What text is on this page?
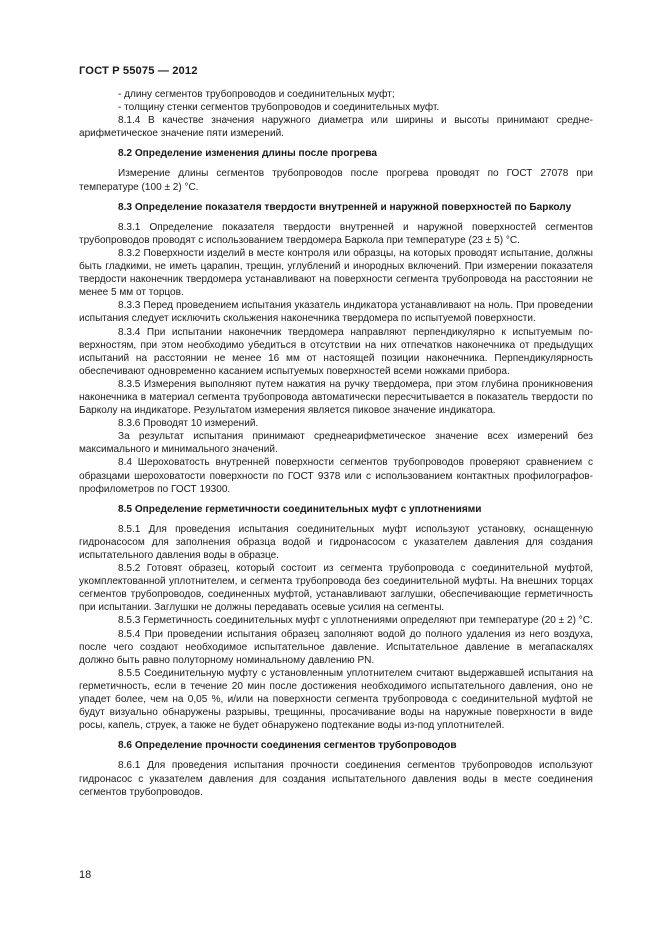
ГОСТ Р 55075 — 2012

- длину сегментов трубопроводов и соединительных муфт;

- толщину стенки сегментов трубопроводов и соединительных муфт.

8.1.4 В качестве значения наружного диаметра или ширины и высоты принимают среднеарифметическое значение пяти измерений.

8.2 Определение изменения длины после прогрева

Измерение длины сегментов трубопроводов после прогрева проводят по ГОСТ 27078 при температуре (100 ± 2) °С.

8.3 Определение показателя твердости внутренней и наружной поверхностей по Барколу

8.3.1 Определение показателя твердости внутренней и наружной поверхностей сегментов трубопроводов проводят с использованием твердомера Баркола при температуре (23 ± 5) °С.

8.3.2 Поверхности изделий в месте контроля или образцы, на которых проводят испытание, должны быть гладкими, не иметь царапин, трещин, углублений и инородных включений. При измерении показателя твердости наконечник твердомера устанавливают на поверхности сегмента трубопровода на расстоянии не менее 5 мм от торцов.

8.3.3 Перед проведением испытания указатель индикатора устанавливают на ноль. При проведении испытания следует исключить скольжения наконечника твердомера по испытуемой поверхности.

8.3.4 При испытании наконечник твердомера направляют перпендикулярно к испытуемым поверхностям, при этом необходимо убедиться в отсутствии на них отпечатков наконечника от предыдущих испытаний на расстоянии не менее 16 мм от настоящей позиции наконечника. Перпендикулярность обеспечивают одновременно касанием испытуемых поверхностей всеми ножками прибора.

8.3.5 Измерения выполняют путем нажатия на ручку твердомера, при этом глубина проникновения наконечника в материал сегмента трубопровода автоматически пересчитывается в показатель твердости по Барколу на индикаторе. Результатом измерения является пиковое значение индикатора.

8.3.6 Проводят 10 измерений.

За результат испытания принимают среднеарифметическое значение всех измерений без максимального и минимального значений.

8.4 Шероховатость внутренней поверхности сегментов трубопроводов проверяют сравнением с образцами шероховатости поверхности по ГОСТ 9378 или с использованием контактных профилографов-профилометров по ГОСТ 19300.

8.5 Определение герметичности соединительных муфт с уплотнениями

8.5.1 Для проведения испытания соединительных муфт используют установку, оснащенную гидронасосом для заполнения образца водой и гидронасосом с указателем давления для создания испытательного давления воды в образце.

8.5.2 Готовят образец, который состоит из сегмента трубопровода с соединительной муфтой, укомплектованной уплотнителем, и сегмента трубопровода без соединительной муфты. На внешних торцах сегментов трубопроводов, соединенных муфтой, устанавливают заглушки, обеспечивающие герметичность при испытании. Заглушки не должны передавать осевые усилия на сегменты.

8.5.3 Герметичность соединительных муфт с уплотнениями определяют при температуре (20 ± 2) °С.

8.5.4 При проведении испытания образец заполняют водой до полного удаления из него воздуха, после чего создают необходимое испытательное давление. Испытательное давление в мегапаскалях должно быть равно полуторному номинальному давлению PN.

8.5.5 Соединительную муфту с установленным уплотнителем считают выдержавшей испытания на герметичность, если в течение 20 мин после достижения необходимого испытательного давления, оно не упадет более, чем на 0,05 %, и/или на поверхности сегмента трубопровода с соединительной муфтой не будут визуально обнаружены разрывы, трещинны, просачивание воды на наружные поверхности в виде росы, капель, струек, а также не будет обнаружено подтекание воды из-под уплотнителей.

8.6 Определение прочности соединения сегментов трубопроводов

8.6.1 Для проведения испытания прочности соединения сегментов трубопроводов используют гидронасос с указателем давления для создания испытательного давления воды в месте соединения сегментов трубопроводов.

18
